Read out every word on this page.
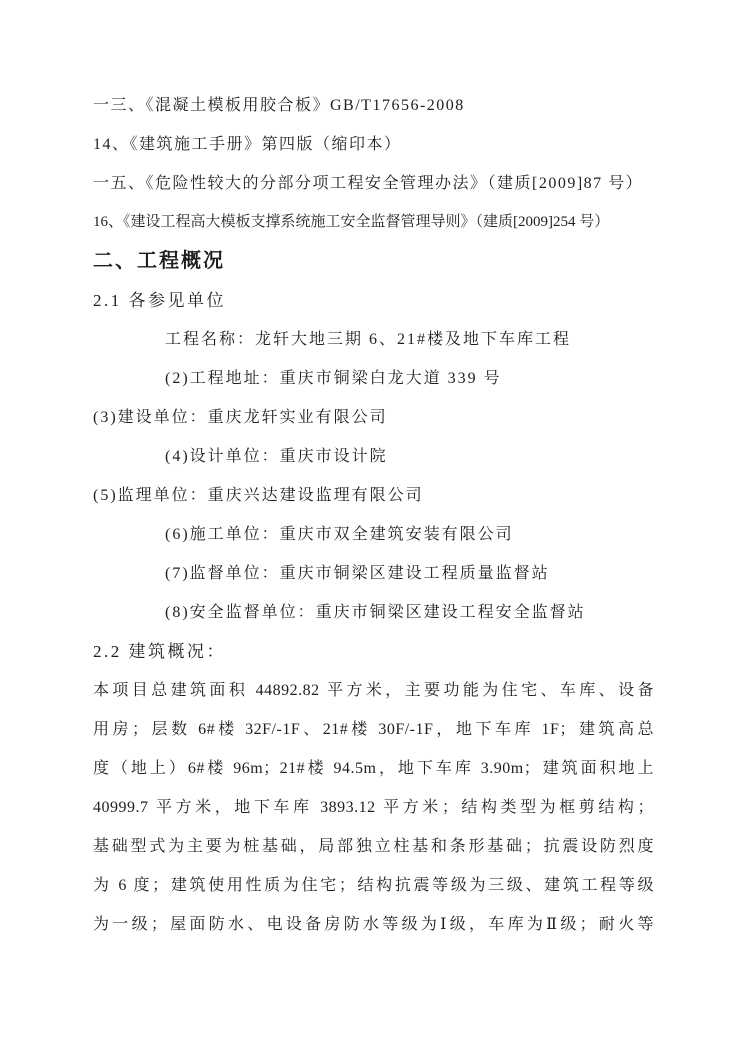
一三、《混凝土模板用胶合板》GB/T17656-2008
14、《建筑施工手册》第四版（缩印本）
一五、《危险性较大的分部分项工程安全管理办法》（建质[2009]87 号）
16、《建设工程高大模板支撑系统施工安全监督管理导则》（建质[2009]254 号）
二、工程概况
2.1 各参见单位
工程名称：龙轩大地三期 6、21#楼及地下车库工程
(2)工程地址：重庆市铜梁白龙大道 339 号
(3)建设单位：重庆龙轩实业有限公司
(4)设计单位：重庆市设计院
(5)监理单位：重庆兴达建设监理有限公司
(6)施工单位：重庆市双全建筑安装有限公司
(7)监督单位：重庆市铜梁区建设工程质量监督站
(8)安全监督单位：重庆市铜梁区建设工程安全监督站
2.2 建筑概况：
本项目总建筑面积 44892.82 平方米，主要功能为住宅、车库、设备
用房；层数 6#楼 32F/-1F、21#楼 30F/-1F，地下车库 1F；建筑高总
度（地上）6#楼 96m；21#楼 94.5m，地下车库 3.90m；建筑面积地上
40999.7 平方米，地下车库 3893.12 平方米；结构类型为框剪结构；
基础型式为主要为桩基础，局部独立柱基和条形基础；抗震设防烈度
为 6 度；建筑使用性质为住宅；结构抗震等级为三级、建筑工程等级
为一级；屋面防水、电设备房防水等级为Ⅰ级，车库为Ⅱ级；耐火等
